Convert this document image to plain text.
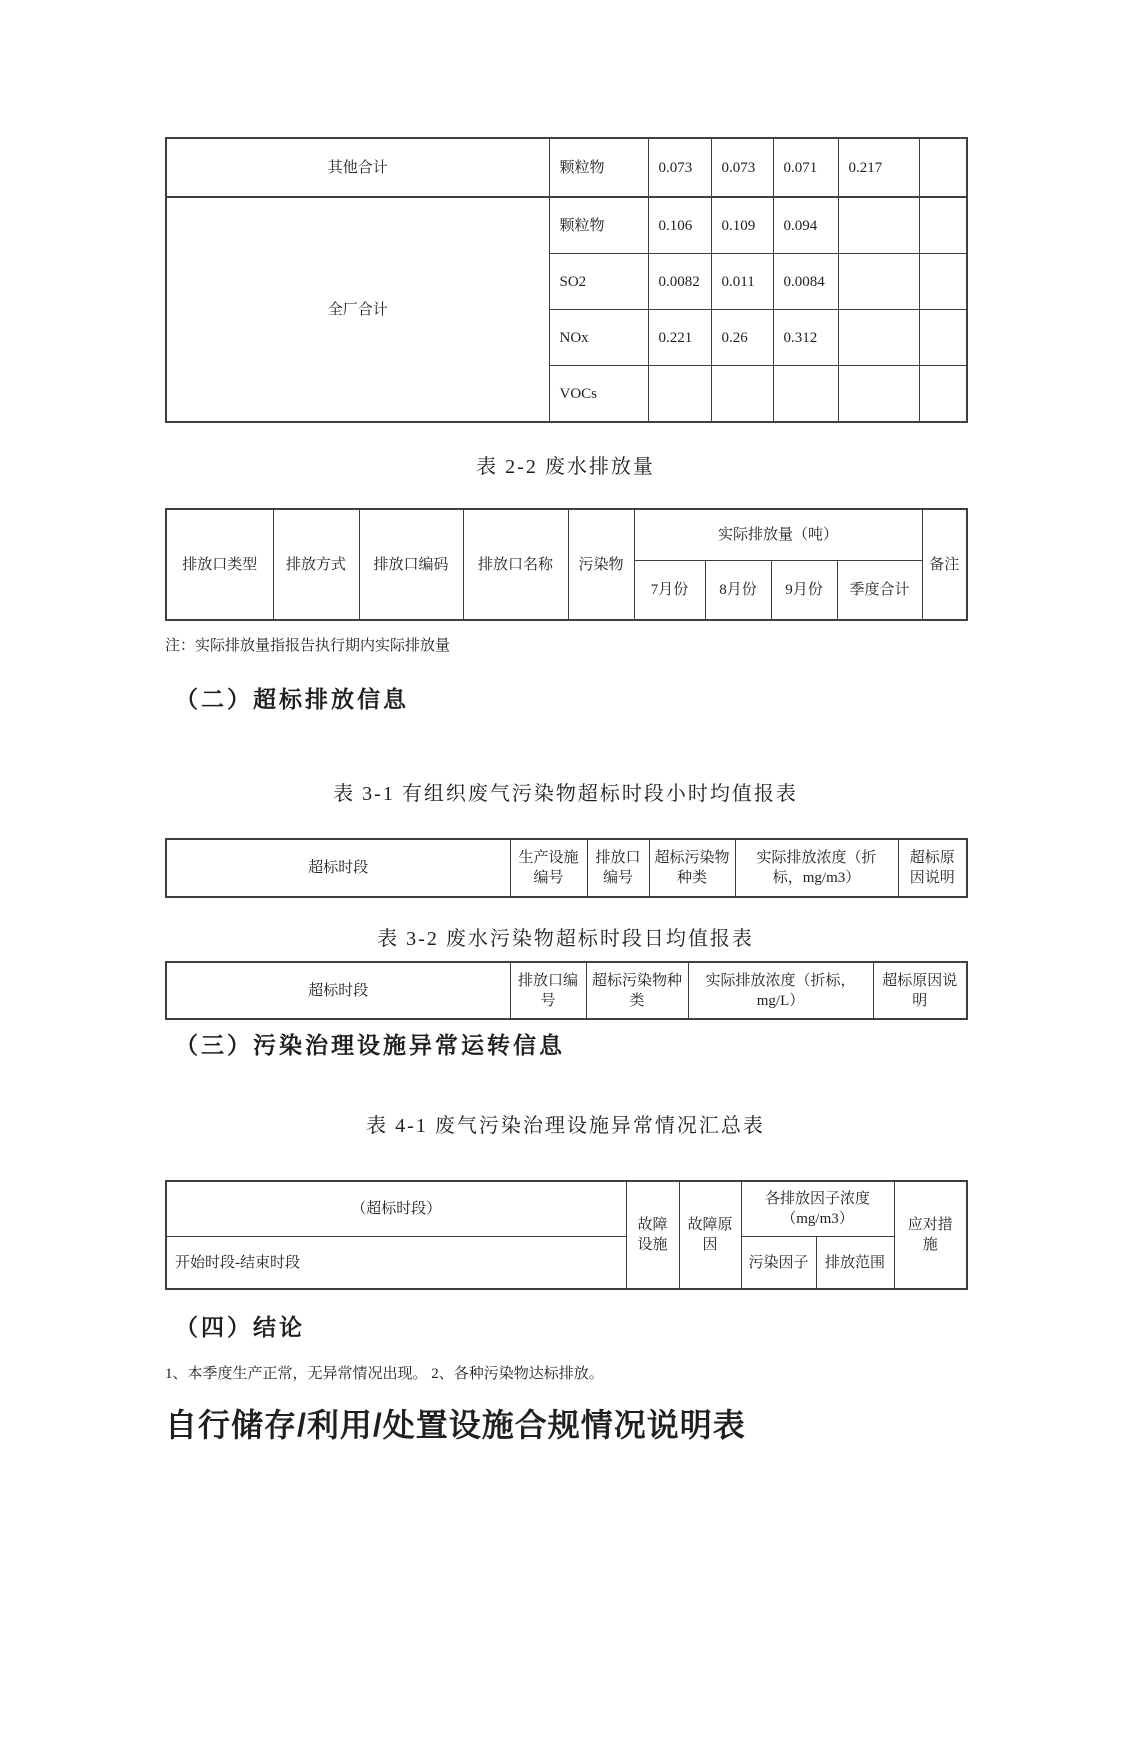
其他合计	颗粒物	0.073	0.073	0.071	0.217	
全厂合计	颗粒物	0.106	0.109	0.094		
	SO2	0.0082	0.011	0.0084		
	NOx	0.221	0.26	0.312		
	VOCs					

表 2-2 废水排放量

排放口类型	排放方式	排放口编码	排放口名称	污染物	实际排放量（吨）				备注
					7月份	8月份	9月份	季度合计	

注：实际排放量指报告执行期内实际排放量

（二）超标排放信息

表 3-1 有组织废气污染物超标时段小时均值报表

超标时段	生产设施编号	排放口编号	超标污染物种类	实际排放浓度（折标，mg/m3）	超标原因说明

表 3-2 废水污染物超标时段日均值报表

超标时段	排放口编号	超标污染物种类	实际排放浓度（折标，mg/L）	超标原因说明
（三）污染治理设施异常运转信息

表 4-1 废气污染治理设施异常情况汇总表

（超标时段）	故障设施	故障原因	各排放因子浓度（mg/m3）		应对措施
开始时段-结束时段			污染因子	排放范围	
（四）结论

1、本季度生产正常，无异常情况出现。 2、各种污染物达标排放。

自行储存/利用/处置设施合规情况说明表
